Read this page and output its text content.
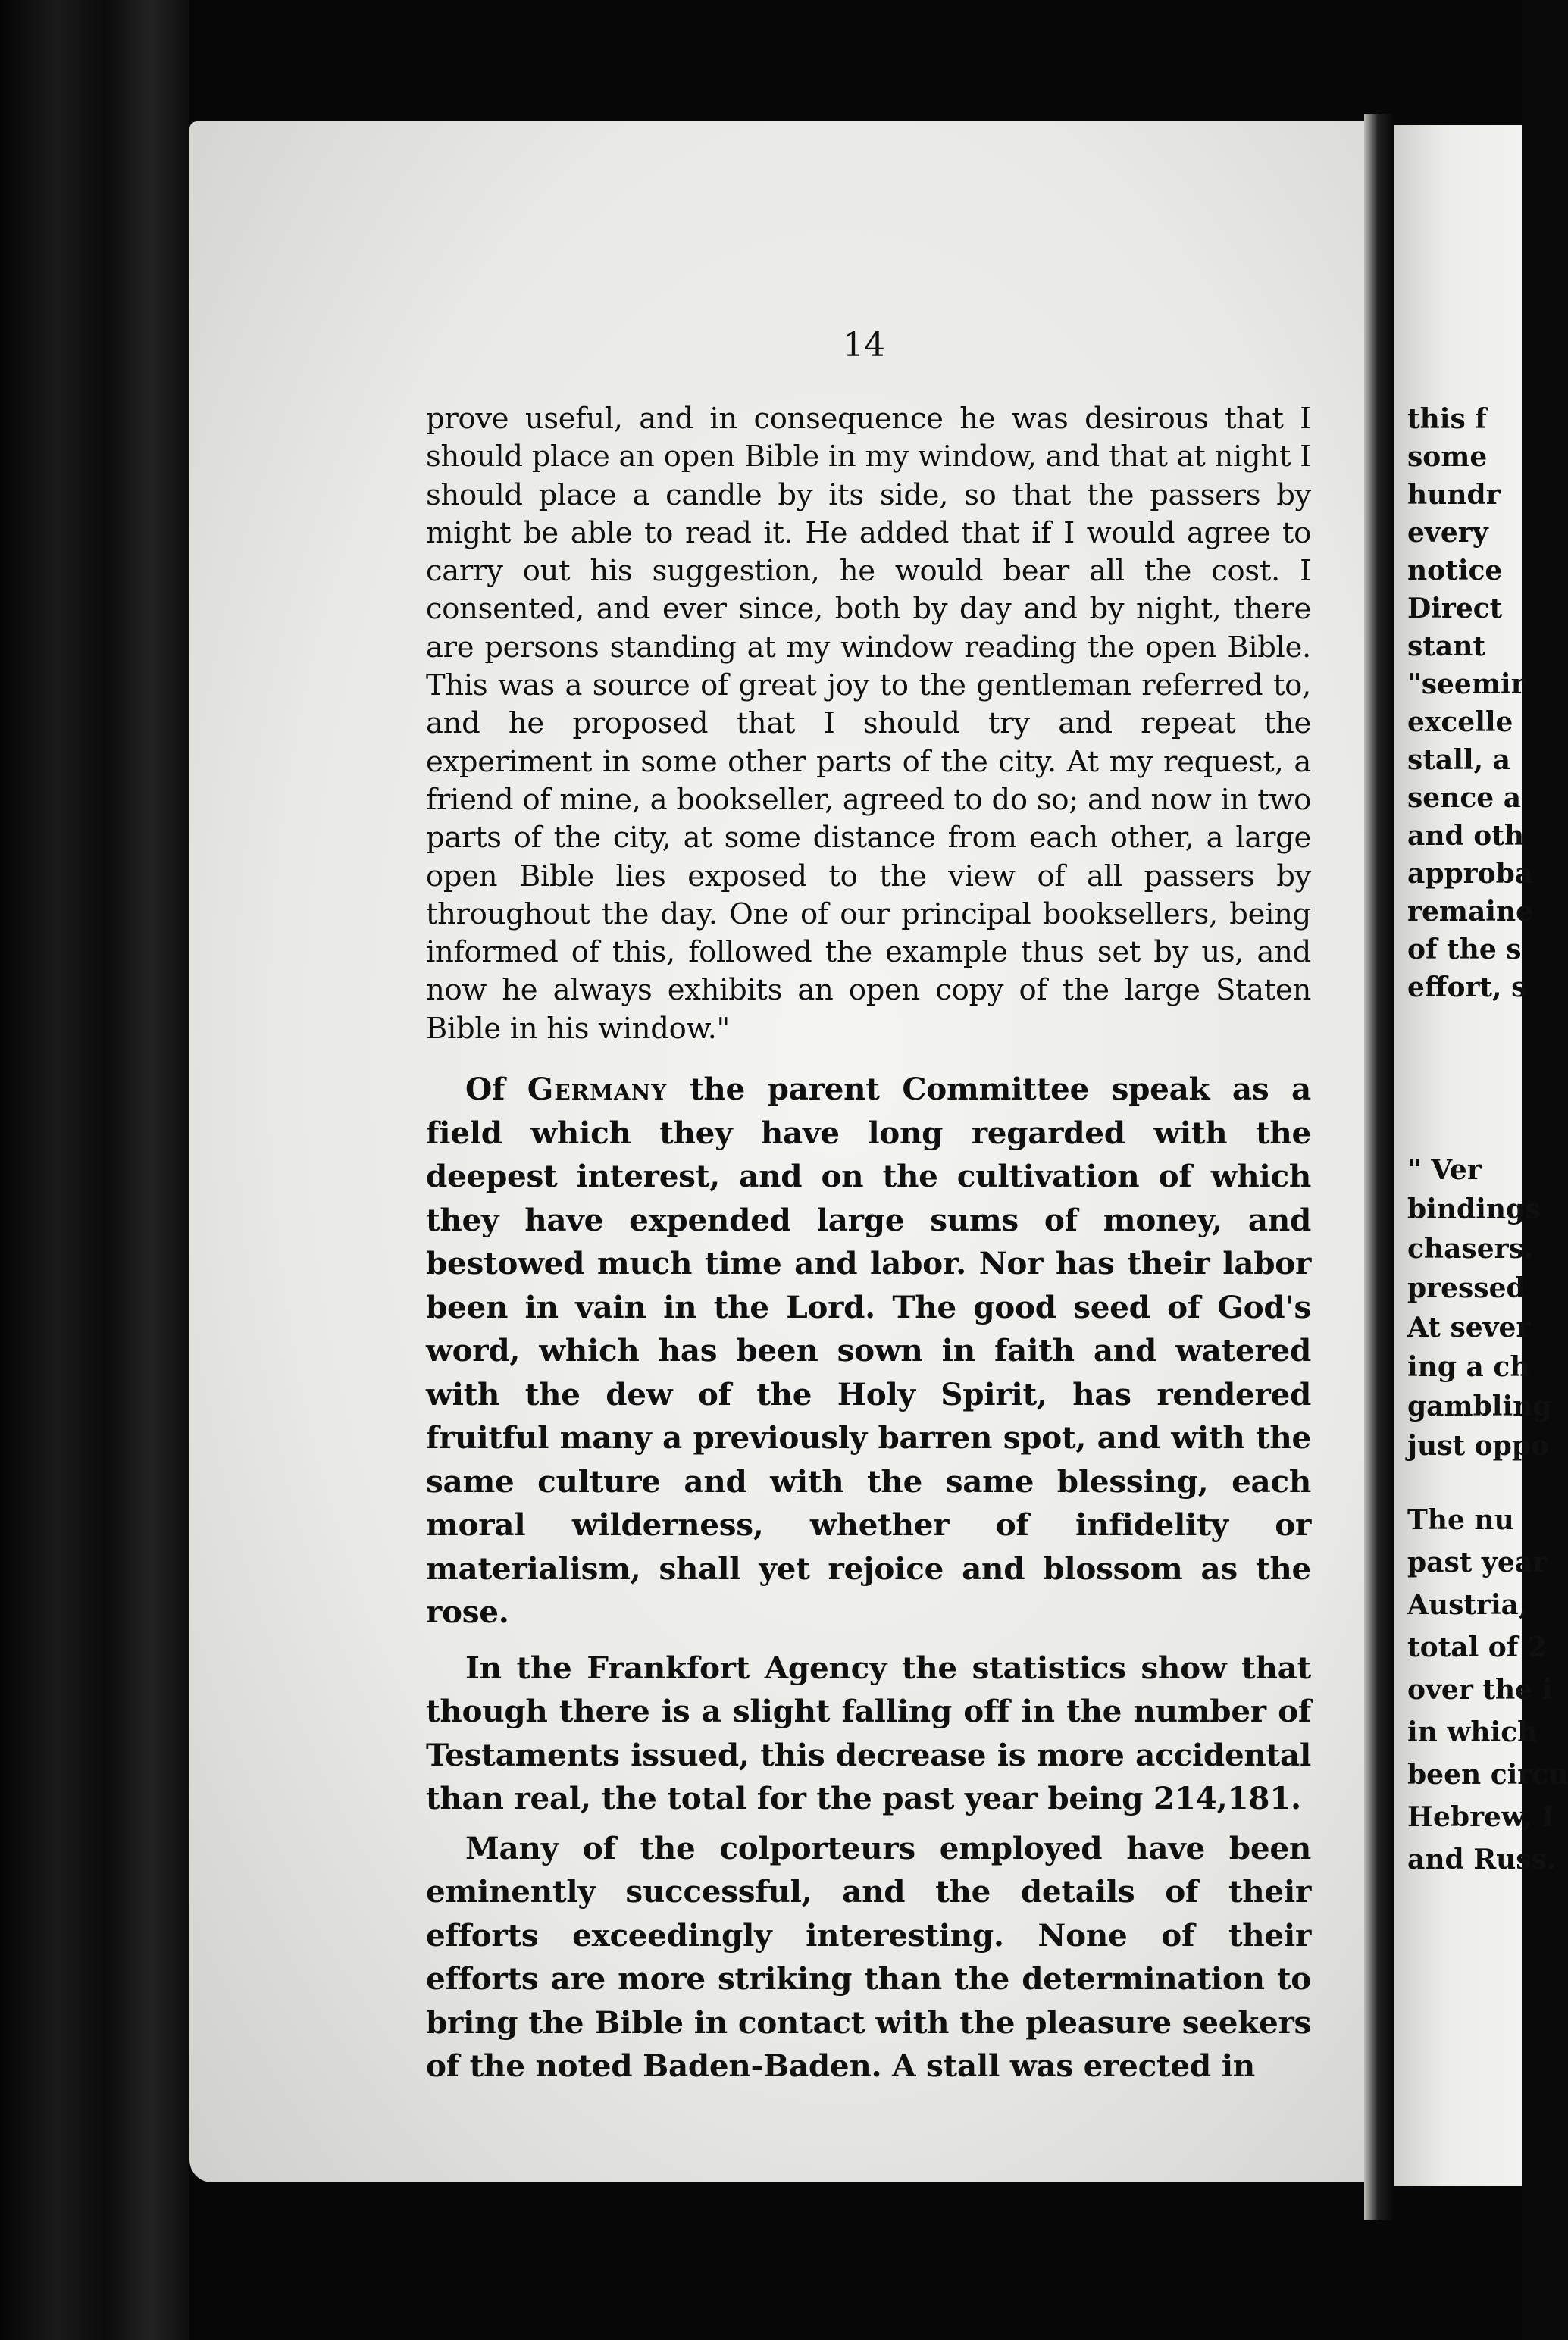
14

prove useful, and in consequence he was desirous that I should place an open Bible in my window, and that at night I should place a candle by its side, so that the passers by might be able to read it. He added that if I would agree to carry out his suggestion, he would bear all the cost. I consented, and ever since, both by day and by night, there are persons standing at my window reading the open Bible. This was a source of great joy to the gentleman referred to, and he proposed that I should try and repeat the experiment in some other parts of the city. At my request, a friend of mine, a bookseller, agreed to do so; and now in two parts of the city, at some distance from each other, a large open Bible lies exposed to the view of all passers by throughout the day. One of our principal booksellers, being informed of this, followed the example thus set by us, and now he always exhibits an open copy of the large Staten Bible in his window."

Of Germany the parent Committee speak as a field which they have long regarded with the deepest interest, and on the cultivation of which they have expended large sums of money, and bestowed much time and labor. Nor has their labor been in vain in the Lord. The good seed of God's word, which has been sown in faith and watered with the dew of the Holy Spirit, has rendered fruitful many a previously barren spot, and with the same culture and with the same blessing, each moral wilderness, whether of infidelity or materialism, shall yet rejoice and blossom as the rose.

In the Frankfort Agency the statistics show that though there is a slight falling off in the number of Testaments issued, this decrease is more accidental than real, the total for the past year being 214,181.

Many of the colporteurs employed have been eminently successful, and the details of their efforts exceedingly interesting. None of their efforts are more striking than the determination to bring the Bible in contact with the pleasure seekers of the noted Baden-Baden. A stall was erected in

this f
some
hundr
every
notice
Direct
stant
"seemir
excelle
stall, a
sence a
and oth
approba
remaine
of the s
effort, s
" Ver
bindings
chasers.
pressed
At sever
ing a ch
gambling
just oppo
The nu
past year
Austria,
total of 2
over the i
in which
been circu
Hebrew, I
and Russ.
